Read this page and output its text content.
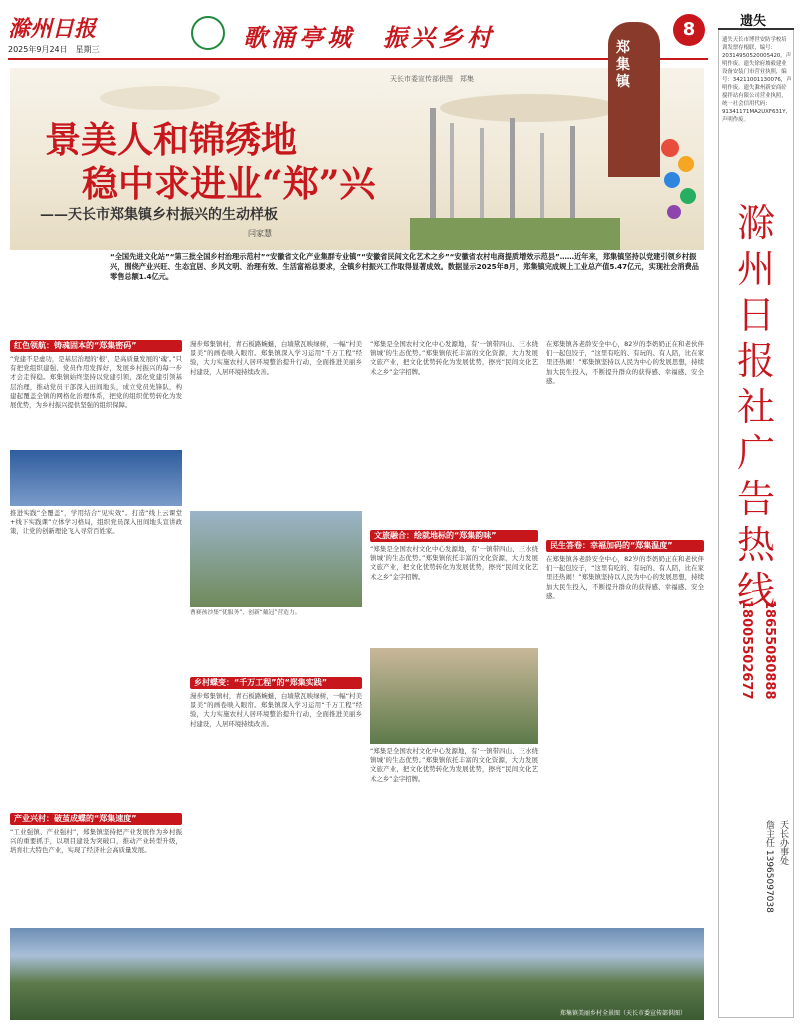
滁州日报
2025年9月24日　星期三	歌涌亭城　振兴乡村	8
天长市委宣传部供图　郑集
景美人和锦绣地
稳中求进业“郑”兴
——天长市郑集镇乡村振兴的生动样板
闫家慧
郑集镇
“全国先进文化站”“第三批全国乡村治理示范村”“安徽省文化产业集群专业镇”“安徽省民间文化艺术之乡”“安徽省农村电商提质增效示范县”……近年来，郑集镇坚持以党建引领乡村振兴，围绕产业兴旺、生态宜居、乡风文明、治理有效、生活富裕总要求，全镇乡村振兴工作取得显著成效。数据显示2025年8月，郑集镇完成规上工业总产值5.47亿元，实现社会消费品零售总额1.4亿元。
红色领航：铸魂固本的“郑集密码”
“党建不是虚功，是基层治理的‘根’，是高质量发展的‘魂’。”只有把党组织建强、党员作用发挥好，发展乡村振兴的每一步才会走得稳。郑集镇始终坚持以党建引领，深化党建引领基层治理，推动党员干部深入田间地头，成立党员先锋队，构建起覆盖全镇的网格化治理体系，把党的组织优势转化为发展优势，为乡村振兴提供坚强的组织保障。
推进实践“全覆盖”，学用结合“见实效”。打造“线上云课堂+线下实践课”立体学习格局，组织党员深入田间地头宣讲政策，让党的创新理论飞入寻常百姓家。
产业兴村：破茧成蝶的“郑集速度”
“工业强镇、产业强村”，郑集镇坚持把产业发展作为乡村振兴的重要抓手，以项目建设为突破口，推动产业转型升级，培育壮大特色产业，实现了经济社会高质量发展。
漫步郑集镇村，青石板路蜿蜒，白墙黛瓦映绿树，一幅“村美景美”的画卷映入眼帘。郑集镇深入学习运用“千万工程”经验，大力实施农村人居环境整治提升行动，全面推进美丽乡村建设，人居环境持续改善。
曹赛孩沙集“优服务”，创新“戴冠”营造力。
乡村蝶变：“千万工程”的“郑集实践”
漫步郑集镇村，青石板路蜿蜒，白墙黛瓦映绿树，一幅“村美景美”的画卷映入眼帘。郑集镇深入学习运用“千万工程”经验，大力实施农村人居环境整治提升行动，全面推进美丽乡村建设，人居环境持续改善。
“郑集是全国农村文化中心发源地，有‘一镇带四山、三水绕镇城’的生态优势。”郑集镇依托丰富的文化资源，大力发展文旅产业，把文化优势转化为发展优势，擦亮“民间文化艺术之乡”金字招牌。
文旅融合：绘就地标的“郑集韵味”
“郑集是全国农村文化中心发源地，有‘一镇带四山、三水绕镇城’的生态优势。”郑集镇依托丰富的文化资源，大力发展文旅产业，把文化优势转化为发展优势，擦亮“民间文化艺术之乡”金字招牌。
“郑集是全国农村文化中心发源地，有‘一镇带四山、三水绕镇城’的生态优势。”郑集镇依托丰富的文化资源，大力发展文旅产业，把文化优势转化为发展优势，擦亮“民间文化艺术之乡”金字招牌。
在郑集镇各老龄安全中心，82岁的李奶奶正在和老伙伴们一起包饺子，“这里有吃的、有玩的、有人陪，比在家里还热闹！”郑集镇坚持以人民为中心的发展思想，持续加大民生投入，不断提升群众的获得感、幸福感、安全感。
民生答卷：幸福加码的“郑集温度”
在郑集镇各老龄安全中心，82岁的李奶奶正在和老伙伴们一起包饺子，“这里有吃的、有玩的、有人陪，比在家里还热闹！”郑集镇坚持以人民为中心的发展思想，持续加大民生投入，不断提升群众的获得感、幸福感、安全感。
郑集镇美丽乡村全景图（天长市委宣传部供图）
遗失
遗失天长市博世安防学校培训发票存根联，编号：20314950520005420，声明作废。遗失徐府坡毅建业设备安装门市营业执照，编号：34211001130076，声明作废。遗失滁州新安商砼搅拌站有限公司营业执照，统一社会信用代码：91341171MA2UXF631Y，声明作废。
滁州日报社广告热线
18655080888
18005502677
天长办事处
詹主任 13965097038
